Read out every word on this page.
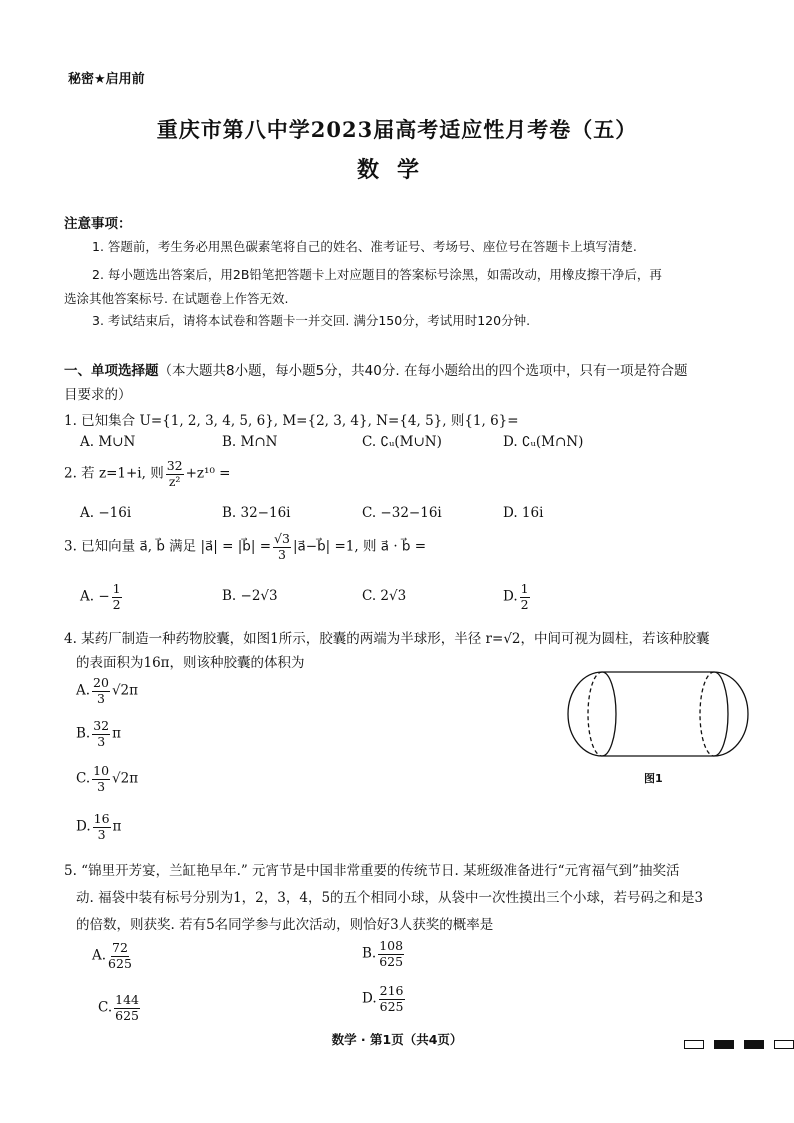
秘密★启用前
重庆市第八中学2023届高考适应性月考卷（五）
数学
注意事项：
1. 答题前，考生务必用黑色碳素笔将自己的姓名、准考证号、考场号、座位号在答题卡上填写清楚.
2. 每小题选出答案后，用2B铅笔把答题卡上对应题目的答案标号涂黑，如需改动，用橡皮擦干净后，再
选涂其他答案标号. 在试题卷上作答无效.
3. 考试结束后，请将本试卷和答题卡一并交回. 满分150分，考试用时120分钟.
一、单项选择题（本大题共8小题，每小题5分，共40分. 在每小题给出的四个选项中，只有一项是符合题
目要求的）
1. 已知集合 U={1, 2, 3, 4, 5, 6}, M={2, 3, 4}, N={4, 5}, 则{1, 6}=
A. M∪N	B. M∩N	C. ∁ᵤ(M∪N)	D. ∁ᵤ(M∩N)
2. 若 z=1+i, 则 $\frac{32}{\text{z²}} +z^{10}$ =
A. −16i	B. 32−16i	C. −32−16i	D. 16i
3. 已知向量 a⃗, b⃗ 满足 |a⃗| = |b⃗| = $\frac{√3}{3}$ |a⃗−b⃗| =1, 则 a⃗ · b⃗ =
A. − $\frac{1}{2}$	B. −2√3	C. 2√3	D. $\frac{1}{2}$
4. 某药厂制造一种药物胶囊，如图1所示，胶囊的两端为半球形，半径 r=√2，中间可视为圆柱，若该种胶囊
的表面积为16π，则该种胶囊的体积为
A. $\frac{20}{3} √2\pi$
B. $\frac{32}{3}$ π
C. $\frac{10}{3} √2\pi$
D. $\frac{16}{3}$ π
图1
5. “锦里开芳宴，兰缸艳早年.” 元宵节是中国非常重要的传统节日. 某班级准备进行“元宵福气到”抽奖活
动. 福袋中装有标号分别为1，2，3，4，5的五个相同小球，从袋中一次性摸出三个小球，若号码之和是3
的倍数，则获奖. 若有5名同学参与此次活动，则恰好3人获奖的概率是
A. $\frac{72}{625}$	B. $\frac{108}{625}$
C. $\frac{144}{625}$	D. $\frac{216}{625}$
数学 · 第1页（共4页）
